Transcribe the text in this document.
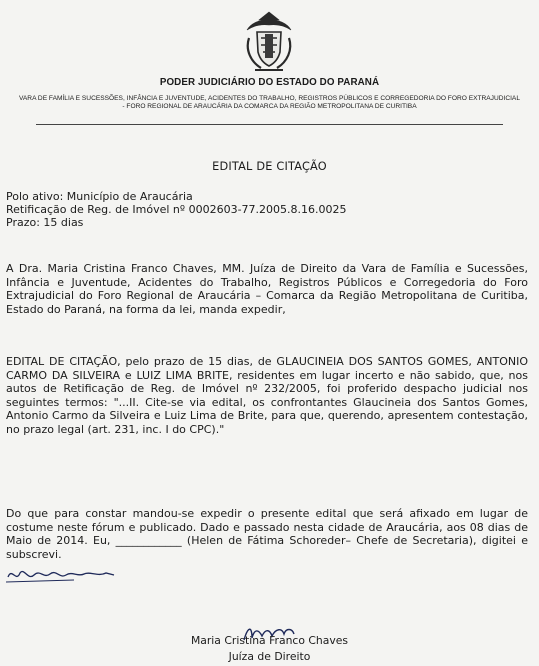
PODER JUDICIÁRIO DO ESTADO DO PARANÁ
VARA DE FAMÍLIA E SUCESSÕES, INFÂNCIA E JUVENTUDE, ACIDENTES DO TRABALHO, REGISTROS PÚBLICOS E CORREGEDORIA DO FORO EXTRAJUDICIAL - FORO REGIONAL DE ARAUCÁRIA DA COMARCA DA REGIÃO METROPOLITANA DE CURITIBA
EDITAL DE CITAÇÃO
Polo ativo: Município de Araucária
Retificação de Reg. de Imóvel nº 0002603-77.2005.8.16.0025
Prazo: 15 dias
A Dra. Maria Cristina Franco Chaves, MM. Juíza de Direito da Vara de Família e Sucessões, Infância e Juventude, Acidentes do Trabalho, Registros Públicos e Corregedoria do Foro Extrajudicial do Foro Regional de Araucária – Comarca da Região Metropolitana de Curitiba, Estado do Paraná, na forma da lei, manda expedir,
EDITAL DE CITAÇÃO, pelo prazo de 15 dias, de GLAUCINEIA DOS SANTOS GOMES, ANTONIO CARMO DA SILVEIRA e LUIZ LIMA BRITE, residentes em lugar incerto e não sabido, que, nos autos de Retificação de Reg. de Imóvel nº 232/2005, foi proferido despacho judicial nos seguintes termos: "...II. Cite-se via edital, os confrontantes Glaucineia dos Santos Gomes, Antonio Carmo da Silveira e Luiz Lima de Brite, para que, querendo, apresentem contestação, no prazo legal (art. 231, inc. I do CPC)."
Do que para constar mandou-se expedir o presente edital que será afixado em lugar de costume neste fórum e publicado. Dado e passado nesta cidade de Araucária, aos 08 dias de Maio de 2014. Eu, ____________ (Helen de Fátima Schoreder– Chefe de Secretaria), digitei e subscrevi.
Maria Cristina Franco Chaves
Juíza de Direito
